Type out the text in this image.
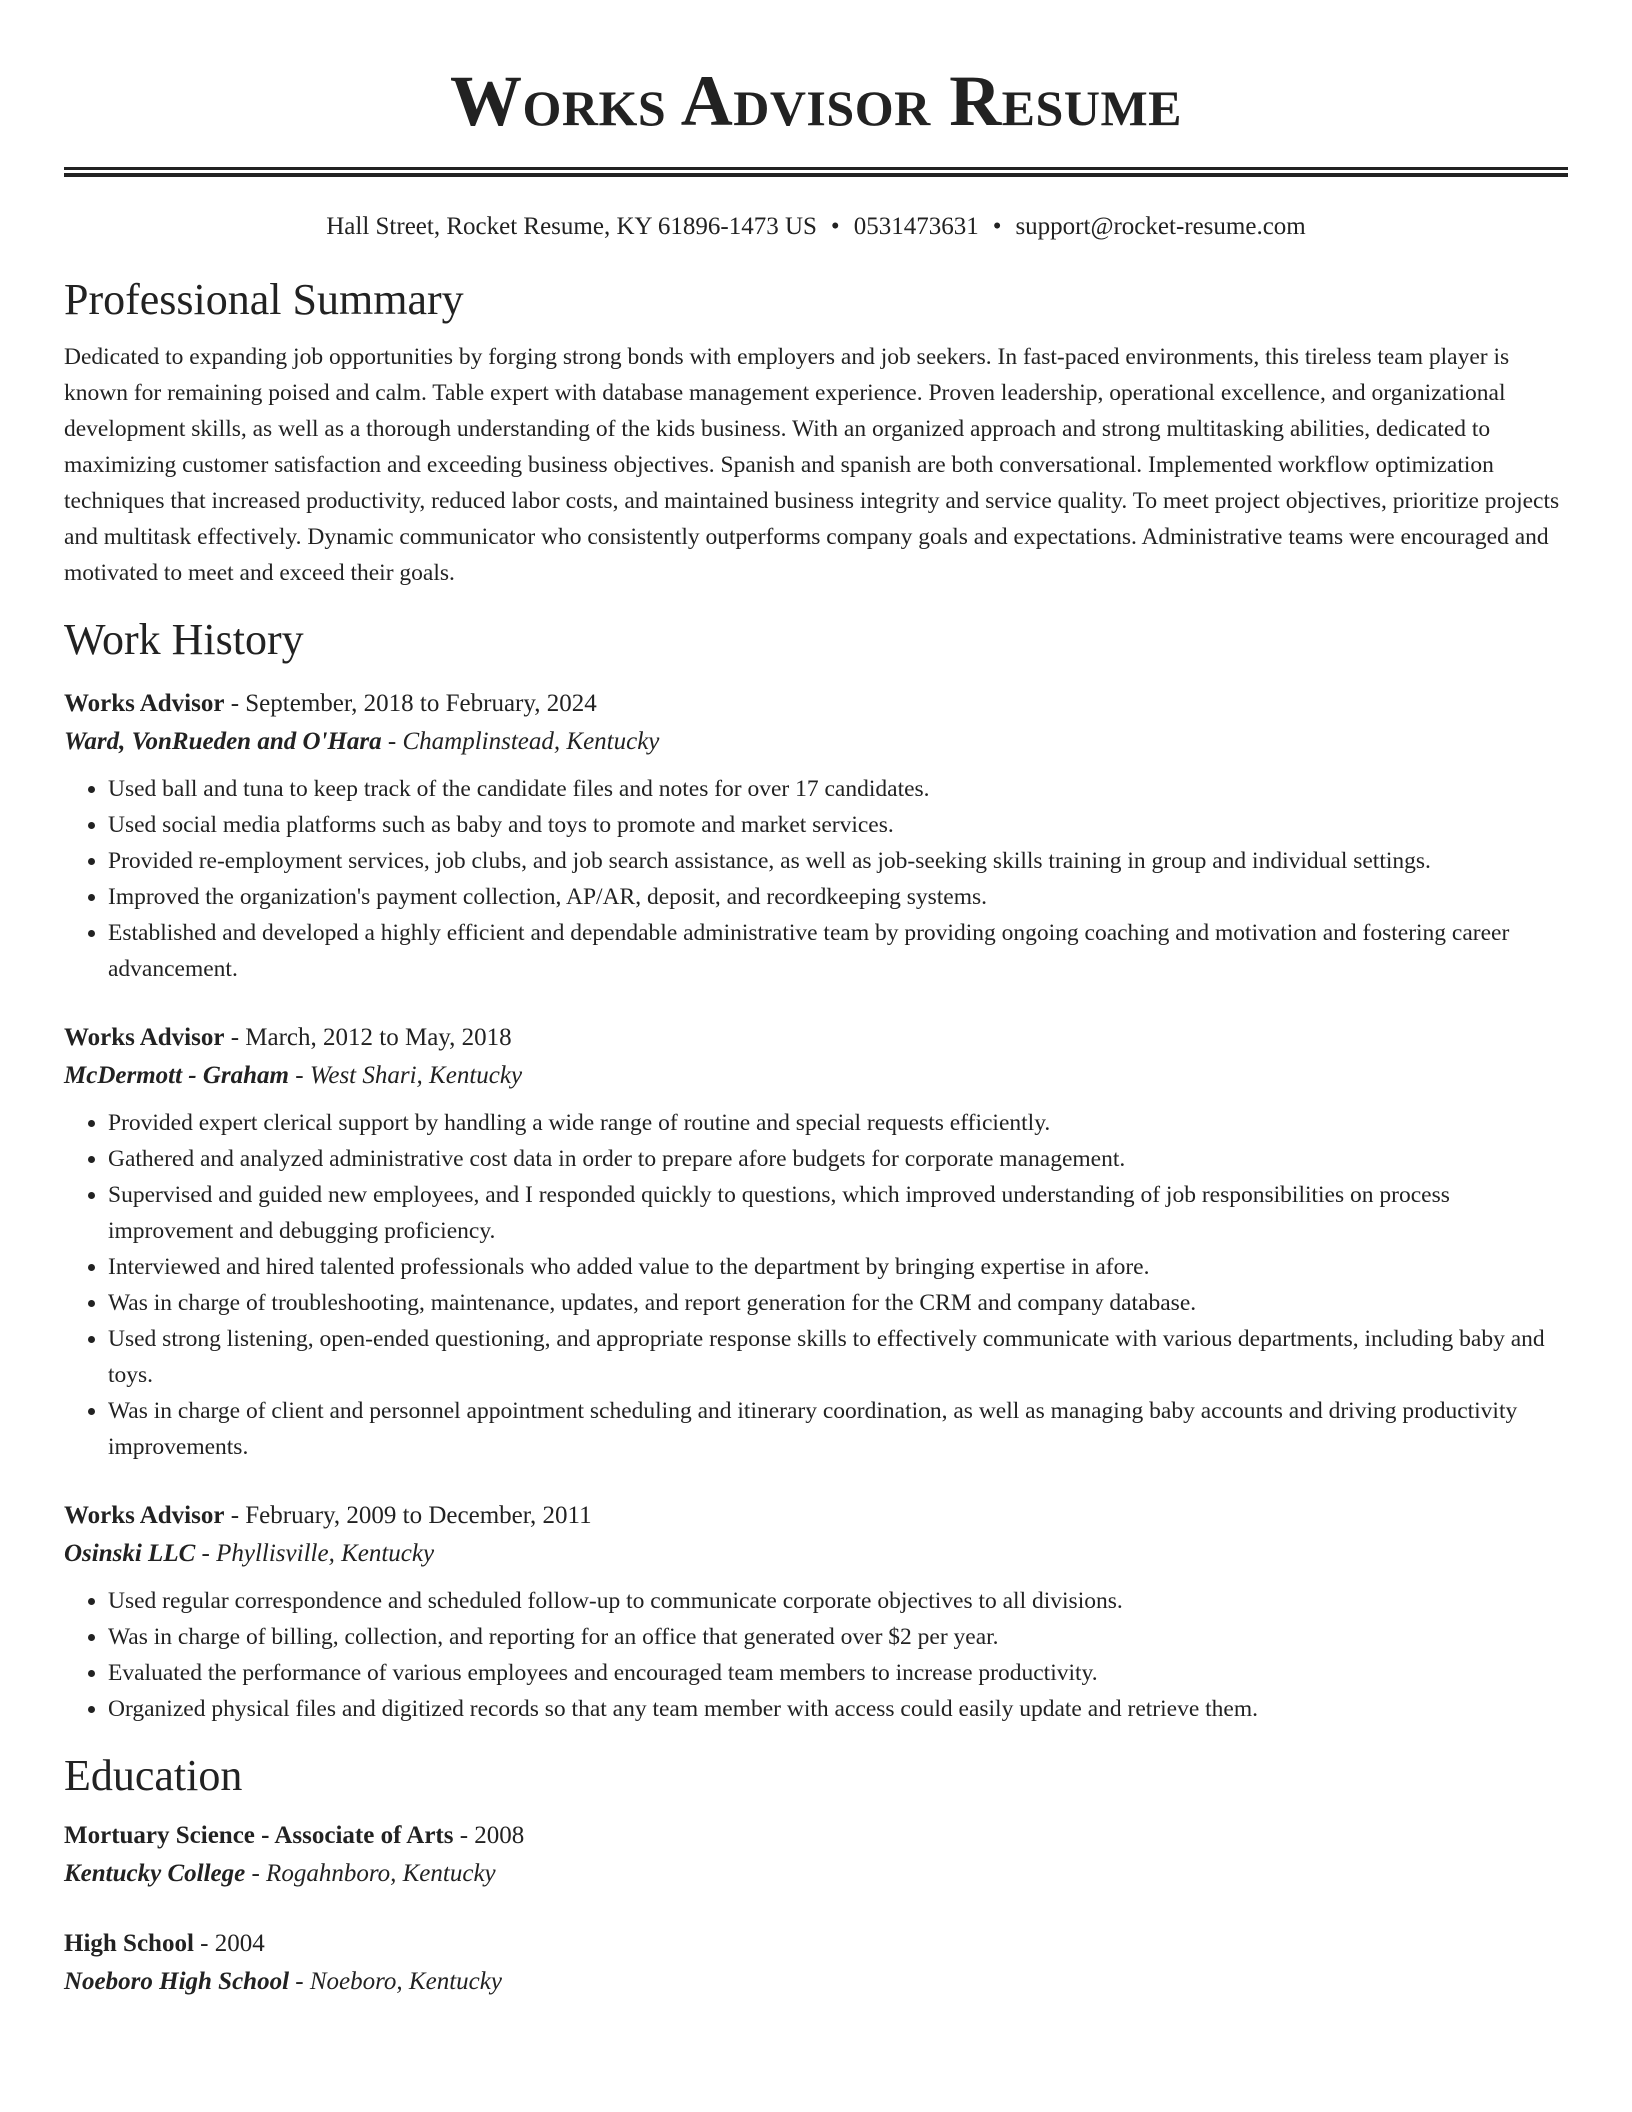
Works Advisor Resume
Hall Street, Rocket Resume, KY 61896-1473 US • 0531473631 • support@rocket-resume.com
Professional Summary

Dedicated to expanding job opportunities by forging strong bonds with employers and job seekers. In fast-paced environments, this tireless team player is known for remaining poised and calm. Table expert with database management experience. Proven leadership, operational excellence, and organizational development skills, as well as a thorough understanding of the kids business. With an organized approach and strong multitasking abilities, dedicated to maximizing customer satisfaction and exceeding business objectives. Spanish and spanish are both conversational. Implemented workflow optimization techniques that increased productivity, reduced labor costs, and maintained business integrity and service quality. To meet project objectives, prioritize projects and multitask effectively. Dynamic communicator who consistently outperforms company goals and expectations. Administrative teams were encouraged and motivated to meet and exceed their goals.

Work History
Works Advisor - September, 2018 to February, 2024
Ward, VonRueden and O'Hara - Champlinstead, Kentucky
• Used ball and tuna to keep track of the candidate files and notes for over 17 candidates.
• Used social media platforms such as baby and toys to promote and market services.
• Provided re-employment services, job clubs, and job search assistance, as well as job-seeking skills training in group and individual settings.
• Improved the organization's payment collection, AP/AR, deposit, and recordkeeping systems.
• Established and developed a highly efficient and dependable administrative team by providing ongoing coaching and motivation and fostering career advancement.
Works Advisor - March, 2012 to May, 2018
McDermott - Graham - West Shari, Kentucky
• Provided expert clerical support by handling a wide range of routine and special requests efficiently.
• Gathered and analyzed administrative cost data in order to prepare afore budgets for corporate management.
• Supervised and guided new employees, and I responded quickly to questions, which improved understanding of job responsibilities on process improvement and debugging proficiency.
• Interviewed and hired talented professionals who added value to the department by bringing expertise in afore.
• Was in charge of troubleshooting, maintenance, updates, and report generation for the CRM and company database.
• Used strong listening, open-ended questioning, and appropriate response skills to effectively communicate with various departments, including baby and toys.
• Was in charge of client and personnel appointment scheduling and itinerary coordination, as well as managing baby accounts and driving productivity improvements.
Works Advisor - February, 2009 to December, 2011
Osinski LLC - Phyllisville, Kentucky
• Used regular correspondence and scheduled follow-up to communicate corporate objectives to all divisions.
• Was in charge of billing, collection, and reporting for an office that generated over $2 per year.
• Evaluated the performance of various employees and encouraged team members to increase productivity.
• Organized physical files and digitized records so that any team member with access could easily update and retrieve them.
Education
Mortuary Science - Associate of Arts - 2008
Kentucky College - Rogahnboro, Kentucky
High School - 2004
Noeboro High School - Noeboro, Kentucky
